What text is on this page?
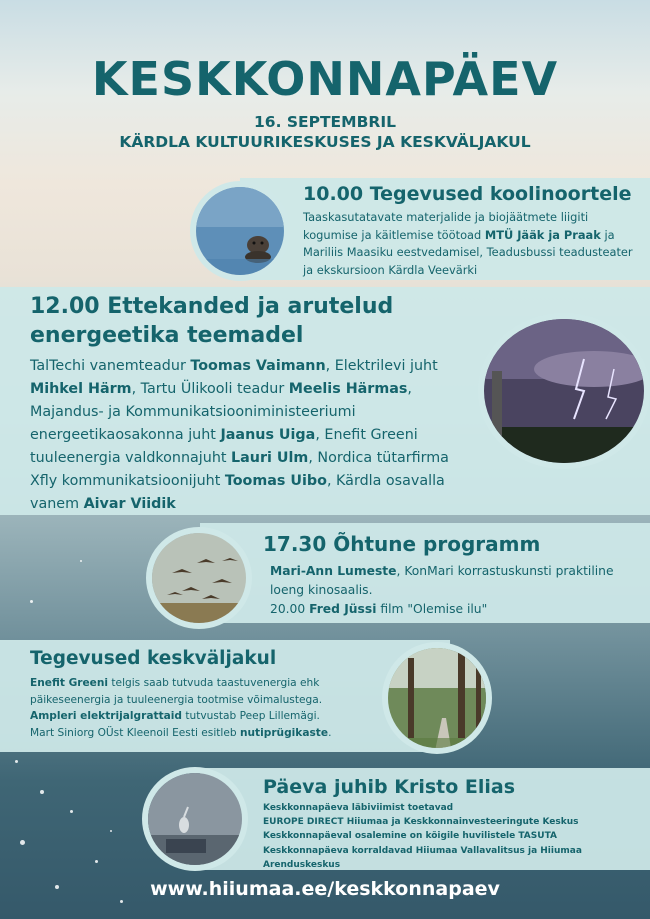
KESKKONNAPÄEV
16. SEPTEMBRIL
KÄRDLA KULTUURIKESKUSES JA KESKVÄLJAKUL
10.00 Tegevused koolinoortele
Taaskasutatavate materjalide ja biojäätmete liigiti kogumise ja käitlemise töötoad MTÜ Jääk ja Praak ja Mariliis Maasiku eestvedamisel, Teadusbussi teadusteater ja ekskursioon Kärdla Veevärki
12.00 Ettekanded ja arutelud
energeetika teemadel
TalTechi vanemteadur Toomas Vaimann, Elektrilevi juht Mihkel Härm, Tartu Ülikooli teadur Meelis Härmas, Majandus- ja Kommunikatsiooniministeeriumi energeetikaosakonna juht Jaanus Uiga, Enefit Greeni tuuleenergia valdkonnajuht Lauri Ulm, Nordica tütarfirma Xfly kommunikatsioonijuht Toomas Uibo, Kärdla osavalla vanem Aivar Viidik
17.30 Õhtune programm
Mari-Ann Lumeste, KonMari korrastuskunsti praktiline loeng kinosaalis.
20.00 Fred Jüssi film "Olemise ilu"
Tegevused keskväljakul
Enefit Greeni telgis saab tutvuda taastuvenergia ehk päikeseenergia ja tuuleenergia tootmise võimalustega.
Ampleri elektrijalgrattaid tutvustab Peep Lillemägi.
Mart Siniorg OÜst Kleenoil Eesti esitleb nutiprügikaste.
Päeva juhib Kristo Elias
Keskkonnapäeva läbiviimist toetavad
EUROPE DIRECT Hiiumaa ja Keskkonnainvesteeringute Keskus
Keskkonnapäeval osalemine on kõigile huvilistele TASUTA
Keskkonnapäeva korraldavad Hiiumaa Vallavalitsus ja Hiiumaa
Arenduskeskus
www.hiiumaa.ee/keskkonnapaev
